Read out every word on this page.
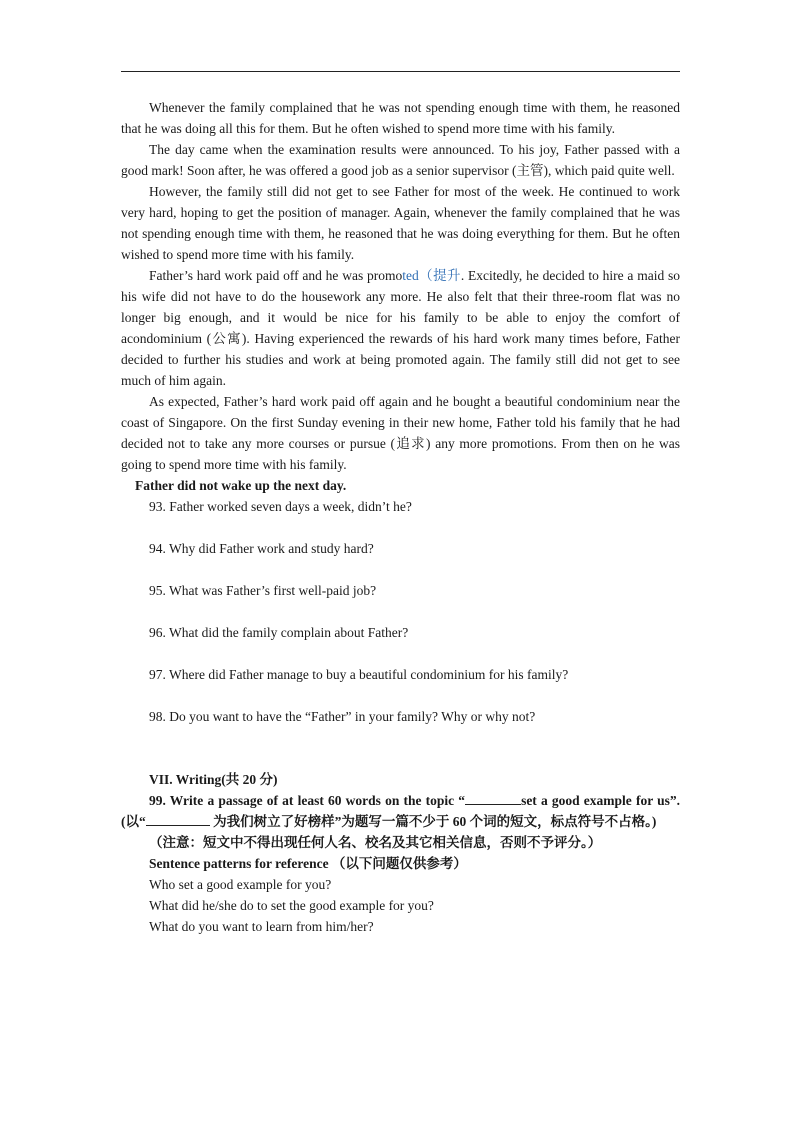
Whenever the family complained that he was not spending enough time with them, he reasoned that he was doing all this for them. But he often wished to spend more time with his family.

The day came when the examination results were announced. To his joy, Father passed with a good mark! Soon after, he was offered a good job as a senior supervisor (主管), which paid quite well.

However, the family still did not get to see Father for most of the week. He continued to work very hard, hoping to get the position of manager. Again, whenever the family complained that he was not spending enough time with them, he reasoned that he was doing everything for them. But he often wished to spend more time with his family.

Father’s hard work paid off and he was promoted（提升. Excitedly, he decided to hire a maid so his wife did not have to do the housework any more. He also felt that their three-room flat was no longer big enough, and it would be nice for his family to be able to enjoy the comfort of acondominium (公寓). Having experienced the rewards of his hard work many times before, Father decided to further his studies and work at being promoted again. The family still did not get to see much of him again.

As expected, Father’s hard work paid off again and he bought a beautiful condominium near the coast of Singapore. On the first Sunday evening in their new home, Father told his family that he had decided not to take any more courses or pursue (追求) any more promotions. From then on he was going to spend more time with his family.

Father did not wake up the next day.

93. Father worked seven days a week, didn’t he?

94. Why did Father work and study hard?

95. What was Father’s first well-paid job?

96. What did the family complain about Father?

97. Where did Father manage to buy a beautiful condominium for his family?

98. Do you want to have the “Father” in your family? Why or why not?

VII. Writing(共 20 分)

99. Write a passage of at least 60 words on the topic “	set a good example for us”. (以“	为我们树立了好榜样”为题写一篇不少于 60 个词的短文，标点符号不占格。)

（注意：短文中不得出现任何人名、校名及其它相关信息，否则不予评分。）

Sentence patterns for reference （以下问题仅供参考）

Who set a good example for you?

What did he/she do to set the good example for you?

What do you want to learn from him/her?
